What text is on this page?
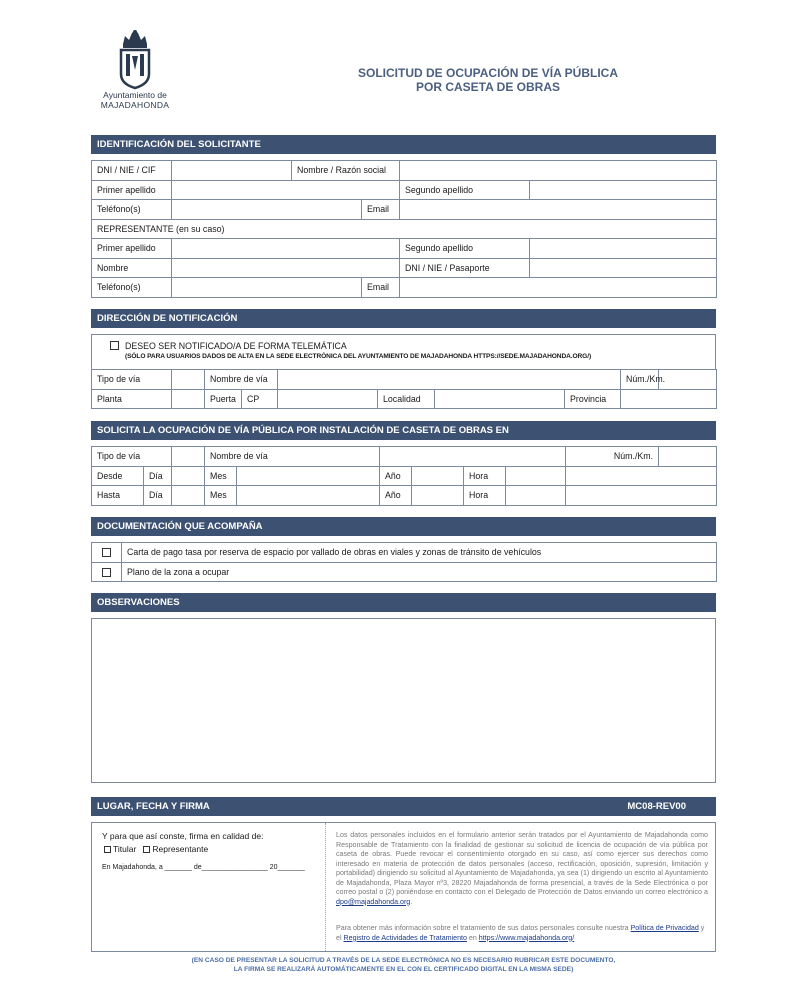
Ayuntamiento de
MAJADAHONDA
SOLICITUD DE OCUPACIÓN DE VÍA PÚBLICA
POR CASETA DE OBRAS
IDENTIFICACIÓN DEL SOLICITANTE
DNI / NIE / CIF		Nombre / Razón social			
Primer apellido				Segundo apellido	
Teléfono(s)			Email		
REPRESENTANTE (en su caso)					
Primer apellido				Segundo apellido	
Nombre				DNI / NIE / Pasaporte	
Teléfono(s)			Email		
DIRECCIÓN DE NOTIFICACIÓN
DESEO SER NOTIFICADO/A DE FORMA TELEMÁTICA
(SÓLO PARA USUARIOS DADOS DE ALTA EN LA SEDE ELECTRÓNICA DEL AYUNTAMIENTO DE MAJADAHONDA HTTPS://SEDE.MAJADAHONDA.ORG/)
Tipo de vía		Nombre de vía						Núm./Km.	
Planta		Puerta	CP		Localidad		Provincia		
SOLICITA LA OCUPACIÓN DE VÍA PÚBLICA POR INSTALACIÓN DE CASETA DE OBRAS EN
Tipo de vía			Nombre de vía						Núm./Km.	
Desde	Día		Mes		Año		Hora			
Hasta	Día		Mes		Año		Hora			
DOCUMENTACIÓN QUE ACOMPAÑA
	Carta de pago tasa por reserva de espacio por vallado de obras en viales y zonas de tránsito de vehículos
	Plano de la zona a ocupar
OBSERVACIONES
LUGAR, FECHA Y FIRMA	MC08-REV00
Y para que así conste, firma en calidad de:
Titular Representante
En Majadahonda, a _______ de_________________ 20_______
Los datos personales incluidos en el formulario anterior serán tratados por el Ayuntamiento de Majadahonda como Responsable de Tratamiento con la finalidad de gestionar su solicitud de licencia de ocupación de vía pública por caseta de obras. Puede revocar el consentimiento otorgado en su caso, así como ejercer sus derechos como interesado en materia de protección de datos personales (acceso, rectificación, oposición, supresión, limitación y portabilidad) dirigiendo su solicitud al Ayuntamiento de Majadahonda, ya sea (1) dirigiendo un escrito al Ayuntamiento de Majadahonda, Plaza Mayor nº3, 28220 Majadahonda de forma presencial, a través de la Sede Electrónica o por correo postal o (2) poniéndose en contacto con el Delegado de Protección de Datos enviando un correo electrónico a dpo@majadahonda.org.
Para obtener más información sobre el tratamiento de sus datos personales consulte nuestra Política de Privacidad y el Registro de Actividades de Tratamiento en https://www.majadahonda.org/
(EN CASO DE PRESENTAR LA SOLICITUD A TRAVÉS DE LA SEDE ELECTRÓNICA NO ES NECESARIO RUBRICAR ESTE DOCUMENTO,
LA FIRMA SE REALIZARÁ AUTOMÁTICAMENTE EN EL CON EL CERTIFICADO DIGITAL EN LA MISMA SEDE)
